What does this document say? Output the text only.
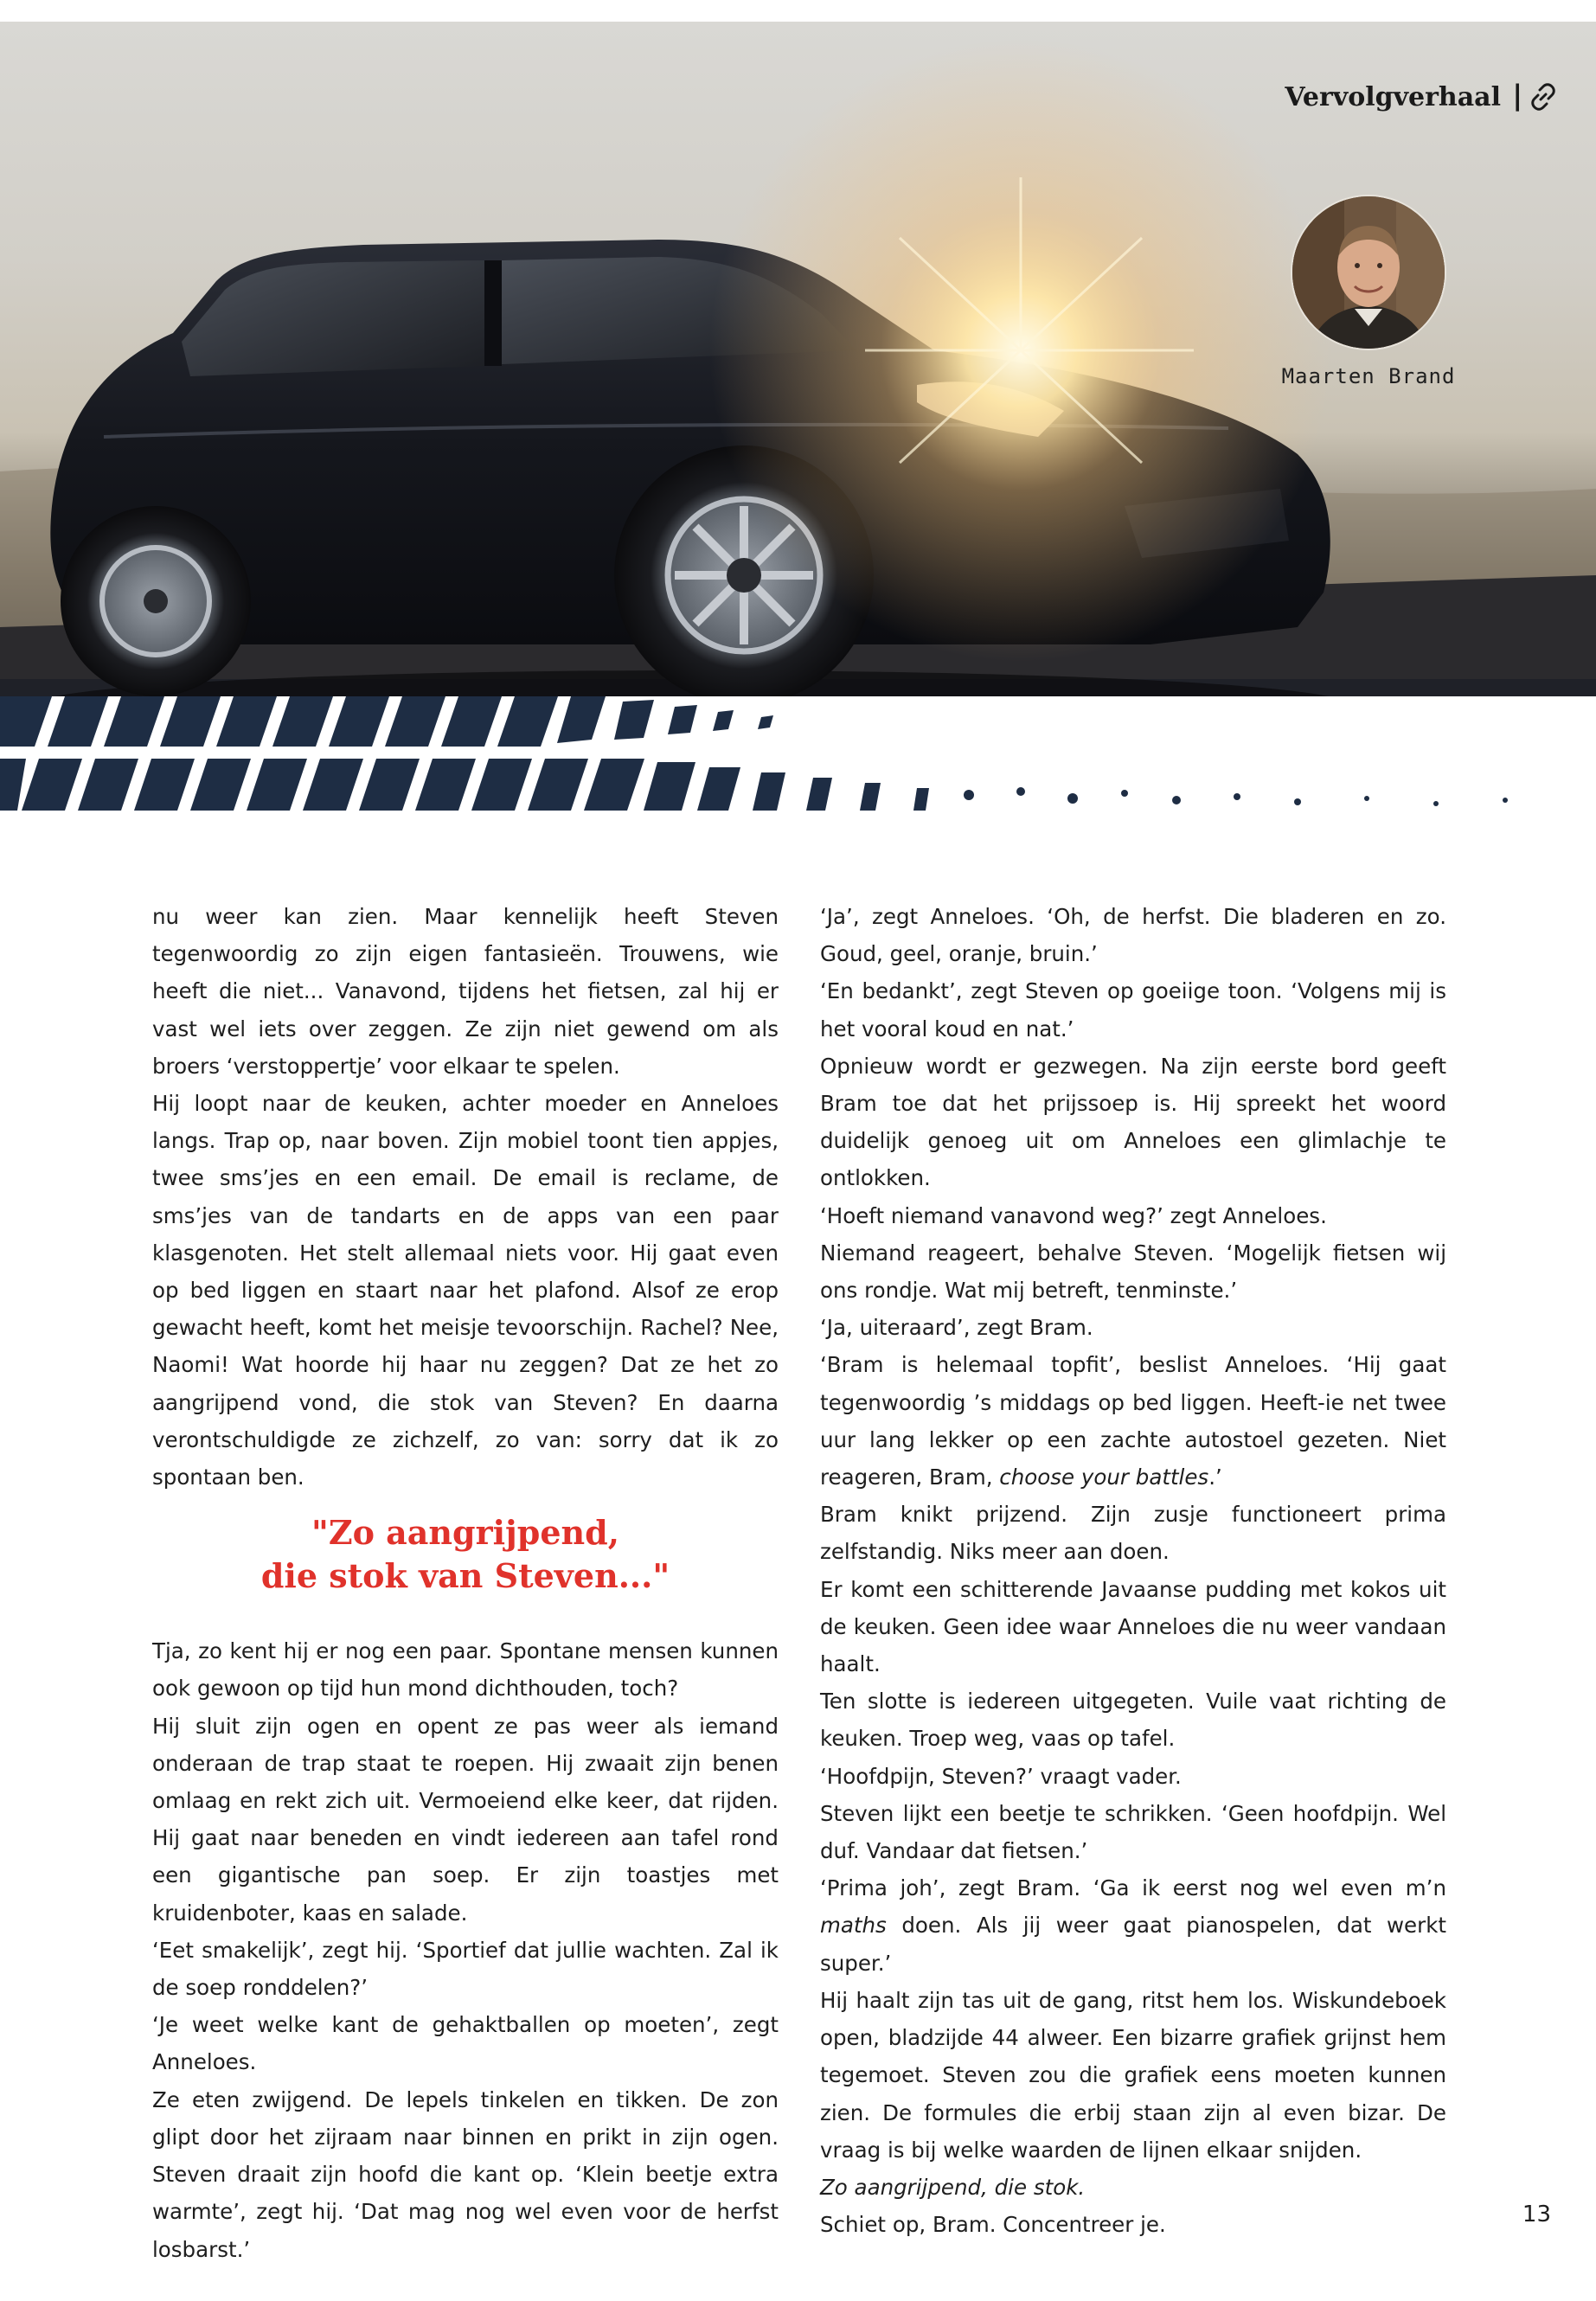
Vervolgverhaal |
Maarten Brand

nu weer kan zien. Maar kennelijk heeft Steven tegenwoordig zo zijn eigen fantasieën. Trouwens, wie heeft die niet... Vanavond, tijdens het fietsen, zal hij er vast wel iets over zeggen. Ze zijn niet gewend om als broers ‘verstoppertje’ voor elkaar te spelen.

Hij loopt naar de keuken, achter moeder en Anneloes langs. Trap op, naar boven. Zijn mobiel toont tien appjes, twee sms’jes en een email. De email is reclame, de sms’jes van de tandarts en de apps van een paar klasgenoten. Het stelt allemaal niets voor. Hij gaat even op bed liggen en staart naar het plafond. Alsof ze erop gewacht heeft, komt het meisje tevoorschijn. Rachel? Nee, Naomi! Wat hoorde hij haar nu zeggen? Dat ze het zo aangrijpend vond, die stok van Steven? En daarna verontschuldigde ze zichzelf, zo van: sorry dat ik zo spontaan ben.

"Zo aangrijpend,
die stok van Steven..."

Tja, zo kent hij er nog een paar. Spontane mensen kunnen ook gewoon op tijd hun mond dichthouden, toch?

Hij sluit zijn ogen en opent ze pas weer als iemand onderaan de trap staat te roepen. Hij zwaait zijn benen omlaag en rekt zich uit. Vermoeiend elke keer, dat rijden. Hij gaat naar beneden en vindt iedereen aan tafel rond een gigantische pan soep. Er zijn toastjes met kruidenboter, kaas en salade.

‘Eet smakelijk’, zegt hij. ‘Sportief dat jullie wachten. Zal ik de soep ronddelen?’

‘Je weet welke kant de gehaktballen op moeten’, zegt Anneloes.

Ze eten zwijgend. De lepels tinkelen en tikken. De zon glipt door het zijraam naar binnen en prikt in zijn ogen. Steven draait zijn hoofd die kant op. ‘Klein beetje extra warmte’, zegt hij. ‘Dat mag nog wel even voor de herfst losbarst.’

‘Ja’, zegt Anneloes. ‘Oh, de herfst. Die bladeren en zo. Goud, geel, oranje, bruin.’

‘En bedankt’, zegt Steven op goeiige toon. ‘Volgens mij is het vooral koud en nat.’

Opnieuw wordt er gezwegen. Na zijn eerste bord geeft Bram toe dat het prijssoep is. Hij spreekt het woord duidelijk genoeg uit om Anneloes een glimlachje te ontlokken.

‘Hoeft niemand vanavond weg?’ zegt Anneloes.

Niemand reageert, behalve Steven. ‘Mogelijk fietsen wij ons rondje. Wat mij betreft, tenminste.’

‘Ja, uiteraard’, zegt Bram.

‘Bram is helemaal topfit’, beslist Anneloes. ‘Hij gaat tegenwoordig ’s middags op bed liggen. Heeft-ie net twee uur lang lekker op een zachte autostoel gezeten. Niet reageren, Bram, choose your battles.’

Bram knikt prijzend. Zijn zusje functioneert prima zelfstandig. Niks meer aan doen.

Er komt een schitterende Javaanse pudding met kokos uit de keuken. Geen idee waar Anneloes die nu weer vandaan haalt.

Ten slotte is iedereen uitgegeten. Vuile vaat richting de keuken. Troep weg, vaas op tafel.

‘Hoofdpijn, Steven?’ vraagt vader.

Steven lijkt een beetje te schrikken. ‘Geen hoofdpijn. Wel duf. Vandaar dat fietsen.’

‘Prima joh’, zegt Bram. ‘Ga ik eerst nog wel even m’n maths doen. Als jij weer gaat pianospelen, dat werkt super.’

Hij haalt zijn tas uit de gang, ritst hem los. Wiskundeboek open, bladzijde 44 alweer. Een bizarre grafiek grijnst hem tegemoet. Steven zou die grafiek eens moeten kunnen zien. De formules die erbij staan zijn al even bizar. De vraag is bij welke waarden de lijnen elkaar snijden.

Zo aangrijpend, die stok.

Schiet op, Bram. Concentreer je.	13
